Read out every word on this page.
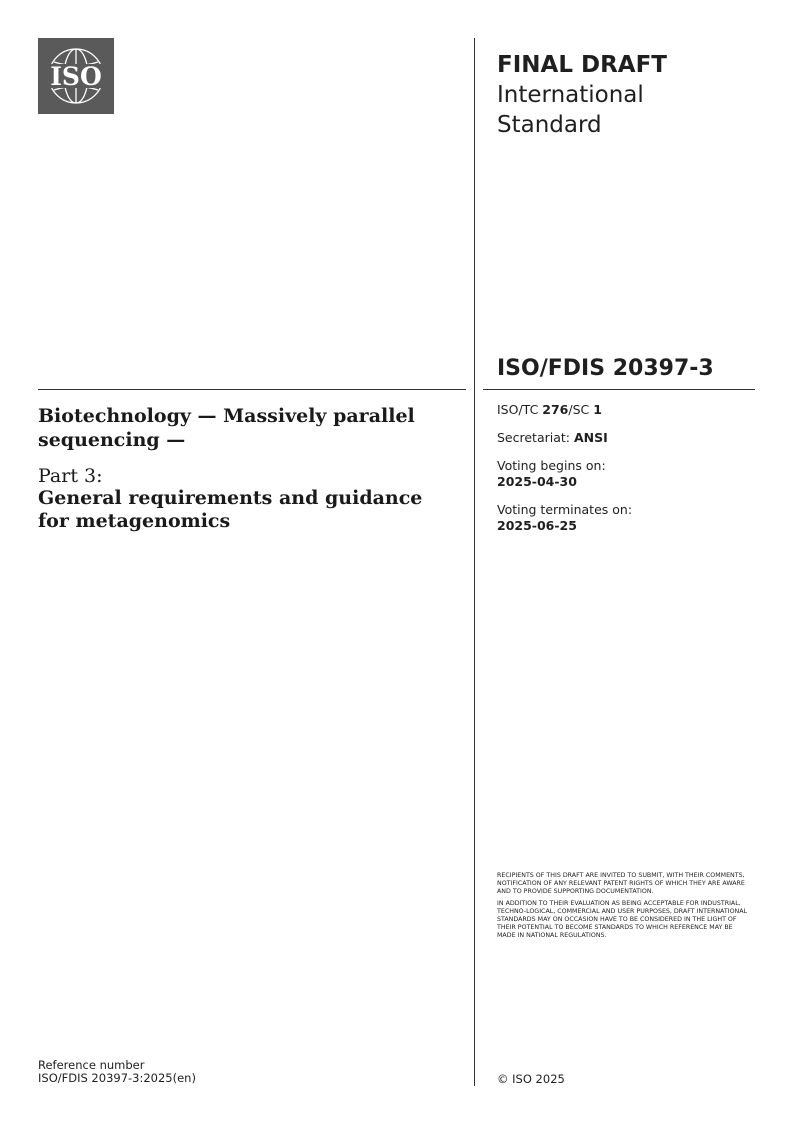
ISO	FINAL DRAFT
International
Standard
ISO/FDIS 20397-3
Biotechnology — Massively parallel sequencing —
Part 3:
General requirements and guidance for metagenomics
ISO/TC 276/SC 1
Secretariat: ANSI
Voting begins on:
2025-04-30
Voting terminates on:
2025-06-25

RECIPIENTS OF THIS DRAFT ARE INVITED TO SUBMIT, WITH THEIR COMMENTS, NOTIFICATION OF ANY RELEVANT PATENT RIGHTS OF WHICH THEY ARE AWARE AND TO PROVIDE SUPPORTING DOCUMENTATION.

IN ADDITION TO THEIR EVALUATION AS BEING ACCEPTABLE FOR INDUSTRIAL, TECHNO-LOGICAL, COMMERCIAL AND USER PURPOSES, DRAFT INTERNATIONAL STANDARDS MAY ON OCCASION HAVE TO BE CONSIDERED IN THE LIGHT OF THEIR POTENTIAL TO BECOME STANDARDS TO WHICH REFERENCE MAY BE MADE IN NATIONAL REGULATIONS.

Reference number
ISO/FDIS 20397-3:2025(en)	© ISO 2025
